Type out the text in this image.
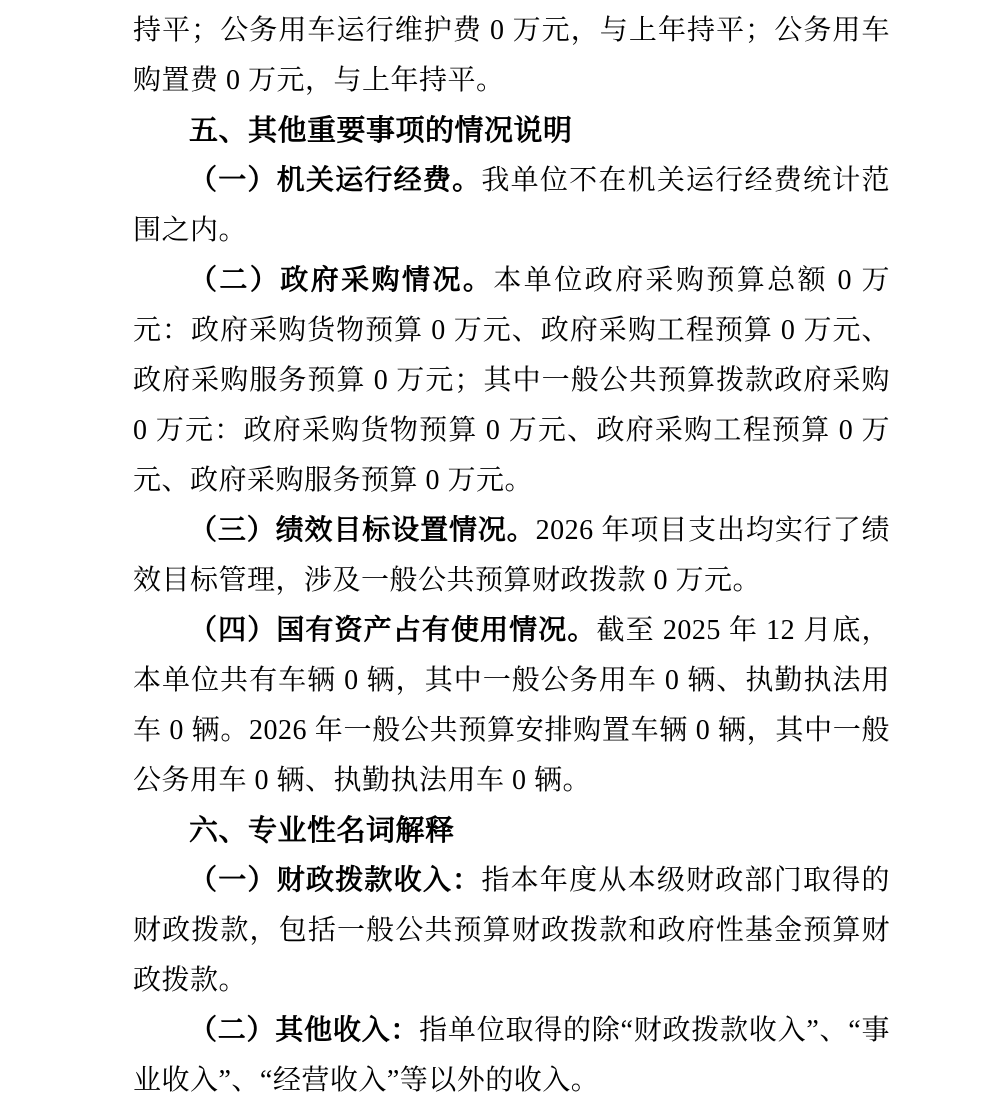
持平；公务用车运行维护费 0 万元，与上年持平；公务用车购置费 0 万元，与上年持平。

五、其他重要事项的情况说明

（一）机关运行经费。我单位不在机关运行经费统计范围之内。

（二）政府采购情况。本单位政府采购预算总额 0 万元：政府采购货物预算 0 万元、政府采购工程预算 0 万元、政府采购服务预算 0 万元；其中一般公共预算拨款政府采购 0 万元：政府采购货物预算 0 万元、政府采购工程预算 0 万元、政府采购服务预算 0 万元。

（三）绩效目标设置情况。2026 年项目支出均实行了绩效目标管理，涉及一般公共预算财政拨款 0 万元。

（四）国有资产占有使用情况。截至 2025 年 12 月底，本单位共有车辆 0 辆，其中一般公务用车 0 辆、执勤执法用车 0 辆。2026 年一般公共预算安排购置车辆 0 辆，其中一般公务用车 0 辆、执勤执法用车 0 辆。

六、专业性名词解释

（一）财政拨款收入：指本年度从本级财政部门取得的财政拨款，包括一般公共预算财政拨款和政府性基金预算财政拨款。

（二）其他收入：指单位取得的除“财政拨款收入”、“事业收入”、“经营收入”等以外的收入。
